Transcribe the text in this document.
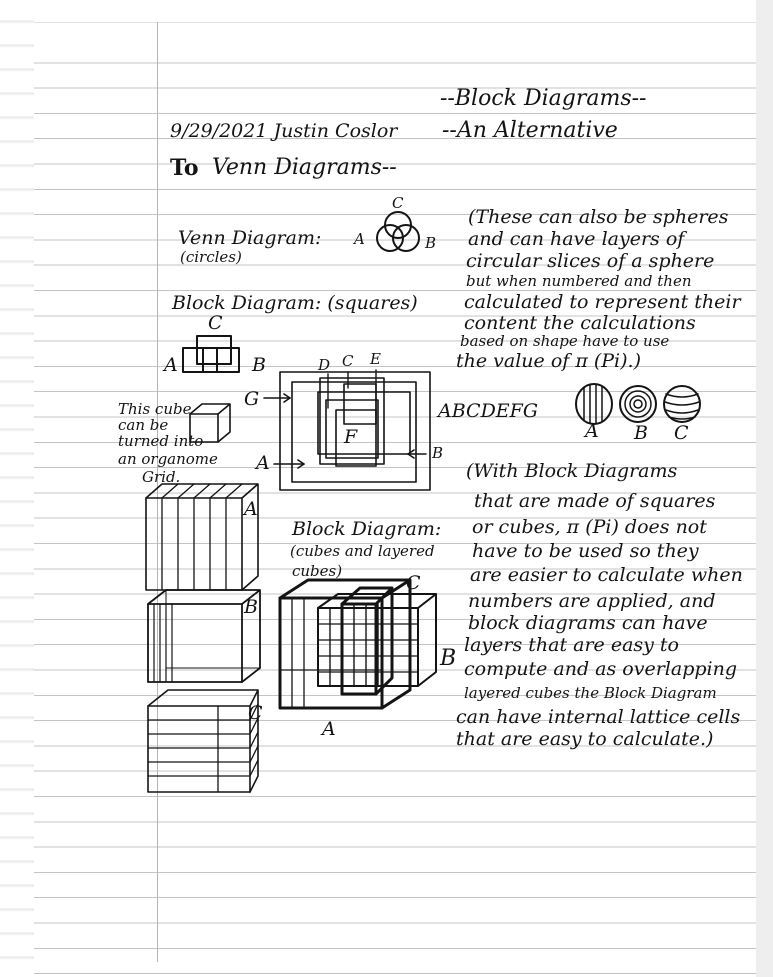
--Block Diagrams--
9/29/2021 Justin Coslor --An Alternative
To Venn Diagrams--
Venn Diagram:
(circles)
A	B
C
(These can also be spheres
and can have layers of
circular slices of a sphere
but when numbered and then
calculated to represent their
content the calculations
based on shape have to use
the value of π (Pi).)
Block Diagram: (squares)
C
A	B
G
D C E
F
A	B
ABCDEFG
A B C
This cube
can be
turned into
an organome
Grid.
A
B
C
Block Diagram:
(cubes and layered
cubes)
C
B
A
(With Block Diagrams
that are made of squares
or cubes, π (Pi) does not
have to be used so they
are easier to calculate when
numbers are applied, and
block diagrams can have
layers that are easy to
compute and as overlapping
layered cubes the Block Diagram
can have internal lattice cells
that are easy to calculate.)
